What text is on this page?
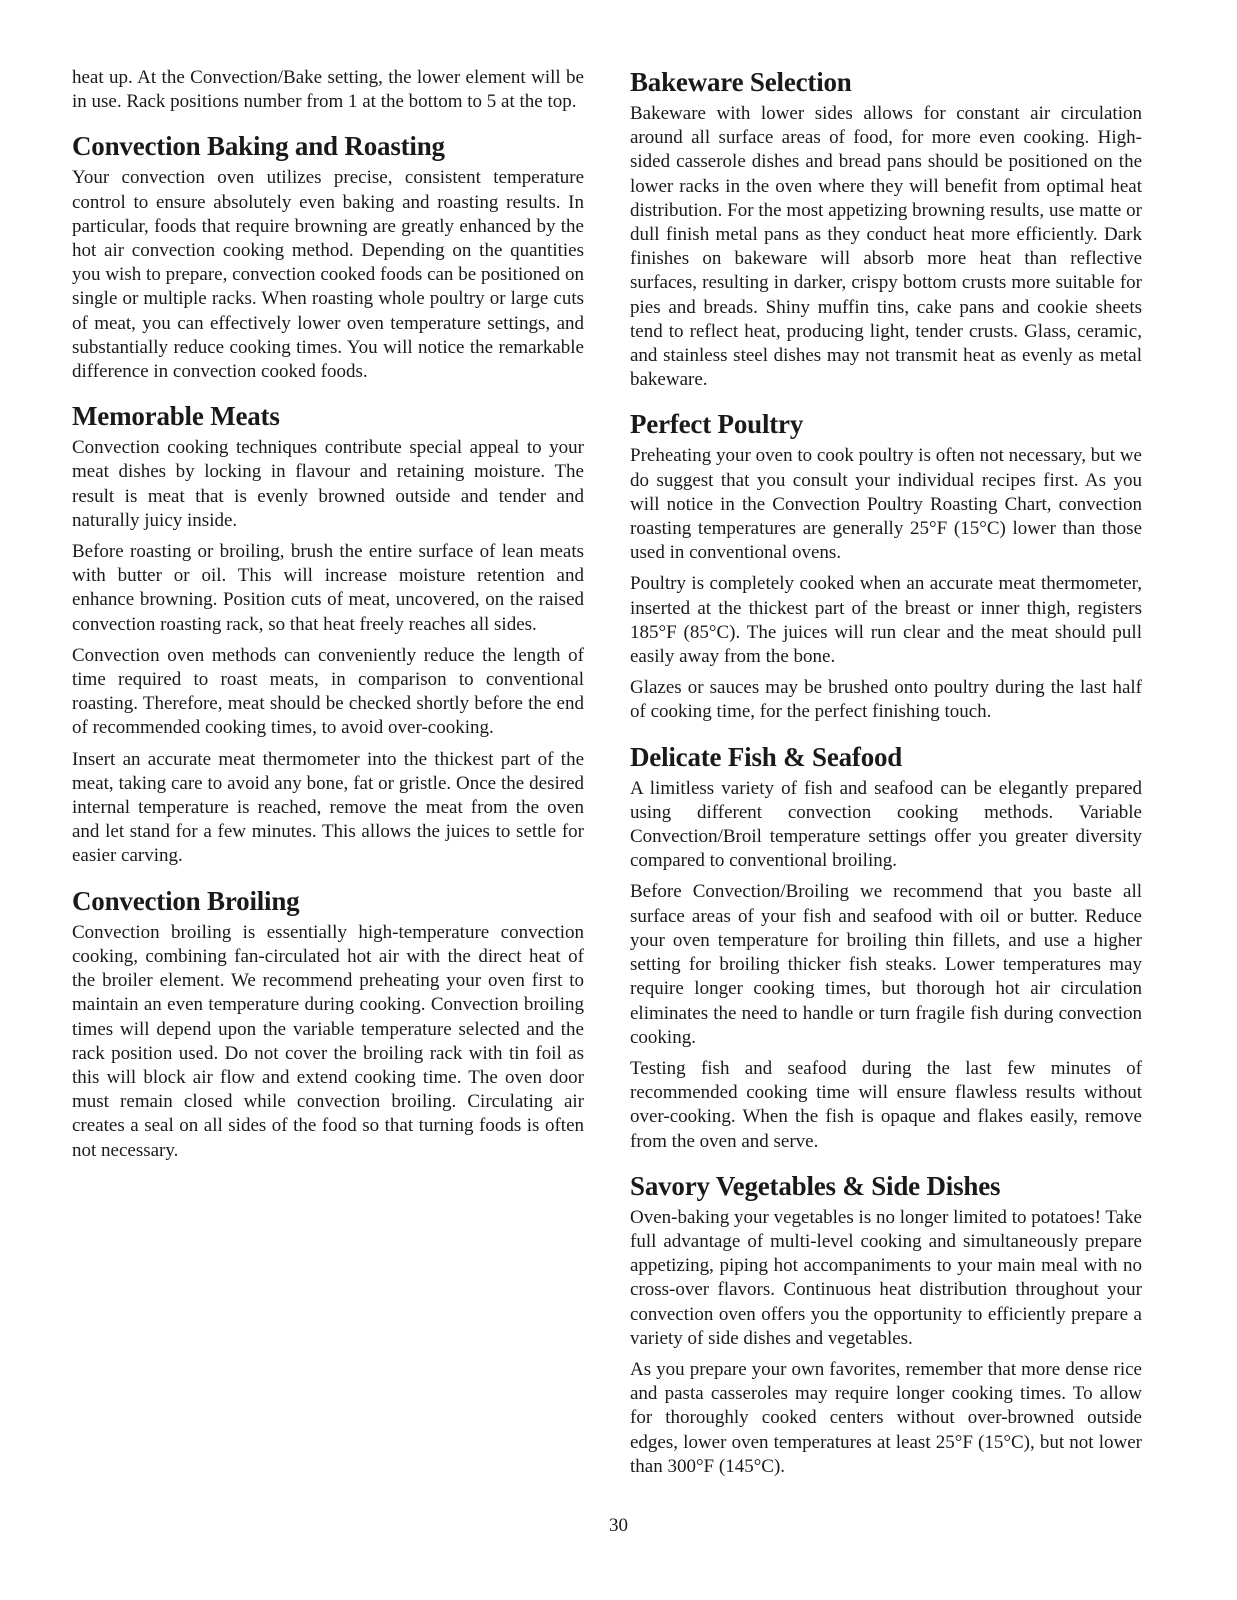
heat up. At the Convection/Bake setting, the lower element will be in use. Rack positions number from 1 at the bottom to 5 at the top.

Convection Baking and Roasting

Your convection oven utilizes precise, consistent temperature control to ensure absolutely even baking and roasting results. In particular, foods that require browning are greatly enhanced by the hot air convection cooking method. Depending on the quantities you wish to prepare, convection cooked foods can be positioned on single or multiple racks. When roasting whole poultry or large cuts of meat, you can effectively lower oven temperature settings, and substantially reduce cooking times. You will notice the remarkable difference in convection cooked foods.

Memorable Meats

Convection cooking techniques contribute special appeal to your meat dishes by locking in flavour and retaining moisture. The result is meat that is evenly browned outside and tender and naturally juicy inside.

Before roasting or broiling, brush the entire surface of lean meats with butter or oil. This will increase moisture retention and enhance browning. Position cuts of meat, uncovered, on the raised convection roasting rack, so that heat freely reaches all sides.

Convection oven methods can conveniently reduce the length of time required to roast meats, in comparison to conventional roasting. Therefore, meat should be checked shortly before the end of recommended cooking times, to avoid over-cooking.

Insert an accurate meat thermometer into the thickest part of the meat, taking care to avoid any bone, fat or gristle. Once the desired internal temperature is reached, remove the meat from the oven and let stand for a few minutes. This allows the juices to settle for easier carving.

Convection Broiling

Convection broiling is essentially high-temperature convection cooking, combining fan-circulated hot air with the direct heat of the broiler element. We recommend preheating your oven first to maintain an even temperature during cooking. Convection broiling times will depend upon the variable temperature selected and the rack position used. Do not cover the broiling rack with tin foil as this will block air flow and extend cooking time. The oven door must remain closed while convection broiling. Circulating air creates a seal on all sides of the food so that turning foods is often not necessary.

Bakeware Selection

Bakeware with lower sides allows for constant air circulation around all surface areas of food, for more even cooking. High-sided casserole dishes and bread pans should be positioned on the lower racks in the oven where they will benefit from optimal heat distribution. For the most appetizing browning results, use matte or dull finish metal pans as they conduct heat more efficiently. Dark finishes on bakeware will absorb more heat than reflective surfaces, resulting in darker, crispy bottom crusts more suitable for pies and breads. Shiny muffin tins, cake pans and cookie sheets tend to reflect heat, producing light, tender crusts. Glass, ceramic, and stainless steel dishes may not transmit heat as evenly as metal bakeware.

Perfect Poultry

Preheating your oven to cook poultry is often not necessary, but we do suggest that you consult your individual recipes first. As you will notice in the Convection Poultry Roasting Chart, convection roasting temperatures are generally 25°F (15°C) lower than those used in conventional ovens.

Poultry is completely cooked when an accurate meat thermometer, inserted at the thickest part of the breast or inner thigh, registers 185°F (85°C). The juices will run clear and the meat should pull easily away from the bone.

Glazes or sauces may be brushed onto poultry during the last half of cooking time, for the perfect finishing touch.

Delicate Fish & Seafood

A limitless variety of fish and seafood can be elegantly prepared using different convection cooking methods. Variable Convection/Broil temperature settings offer you greater diversity compared to conventional broiling.

Before Convection/Broiling we recommend that you baste all surface areas of your fish and seafood with oil or butter. Reduce your oven temperature for broiling thin fillets, and use a higher setting for broiling thicker fish steaks. Lower temperatures may require longer cooking times, but thorough hot air circulation eliminates the need to handle or turn fragile fish during convection cooking.

Testing fish and seafood during the last few minutes of recommended cooking time will ensure flawless results without over-cooking. When the fish is opaque and flakes easily, remove from the oven and serve.

Savory Vegetables & Side Dishes

Oven-baking your vegetables is no longer limited to potatoes! Take full advantage of multi-level cooking and simultaneously prepare appetizing, piping hot accompaniments to your main meal with no cross-over flavors. Continuous heat distribution throughout your convection oven offers you the opportunity to efficiently prepare a variety of side dishes and vegetables.

As you prepare your own favorites, remember that more dense rice and pasta casseroles may require longer cooking times. To allow for thoroughly cooked centers without over-browned outside edges, lower oven temperatures at least 25°F (15°C), but not lower than 300°F (145°C).

30
